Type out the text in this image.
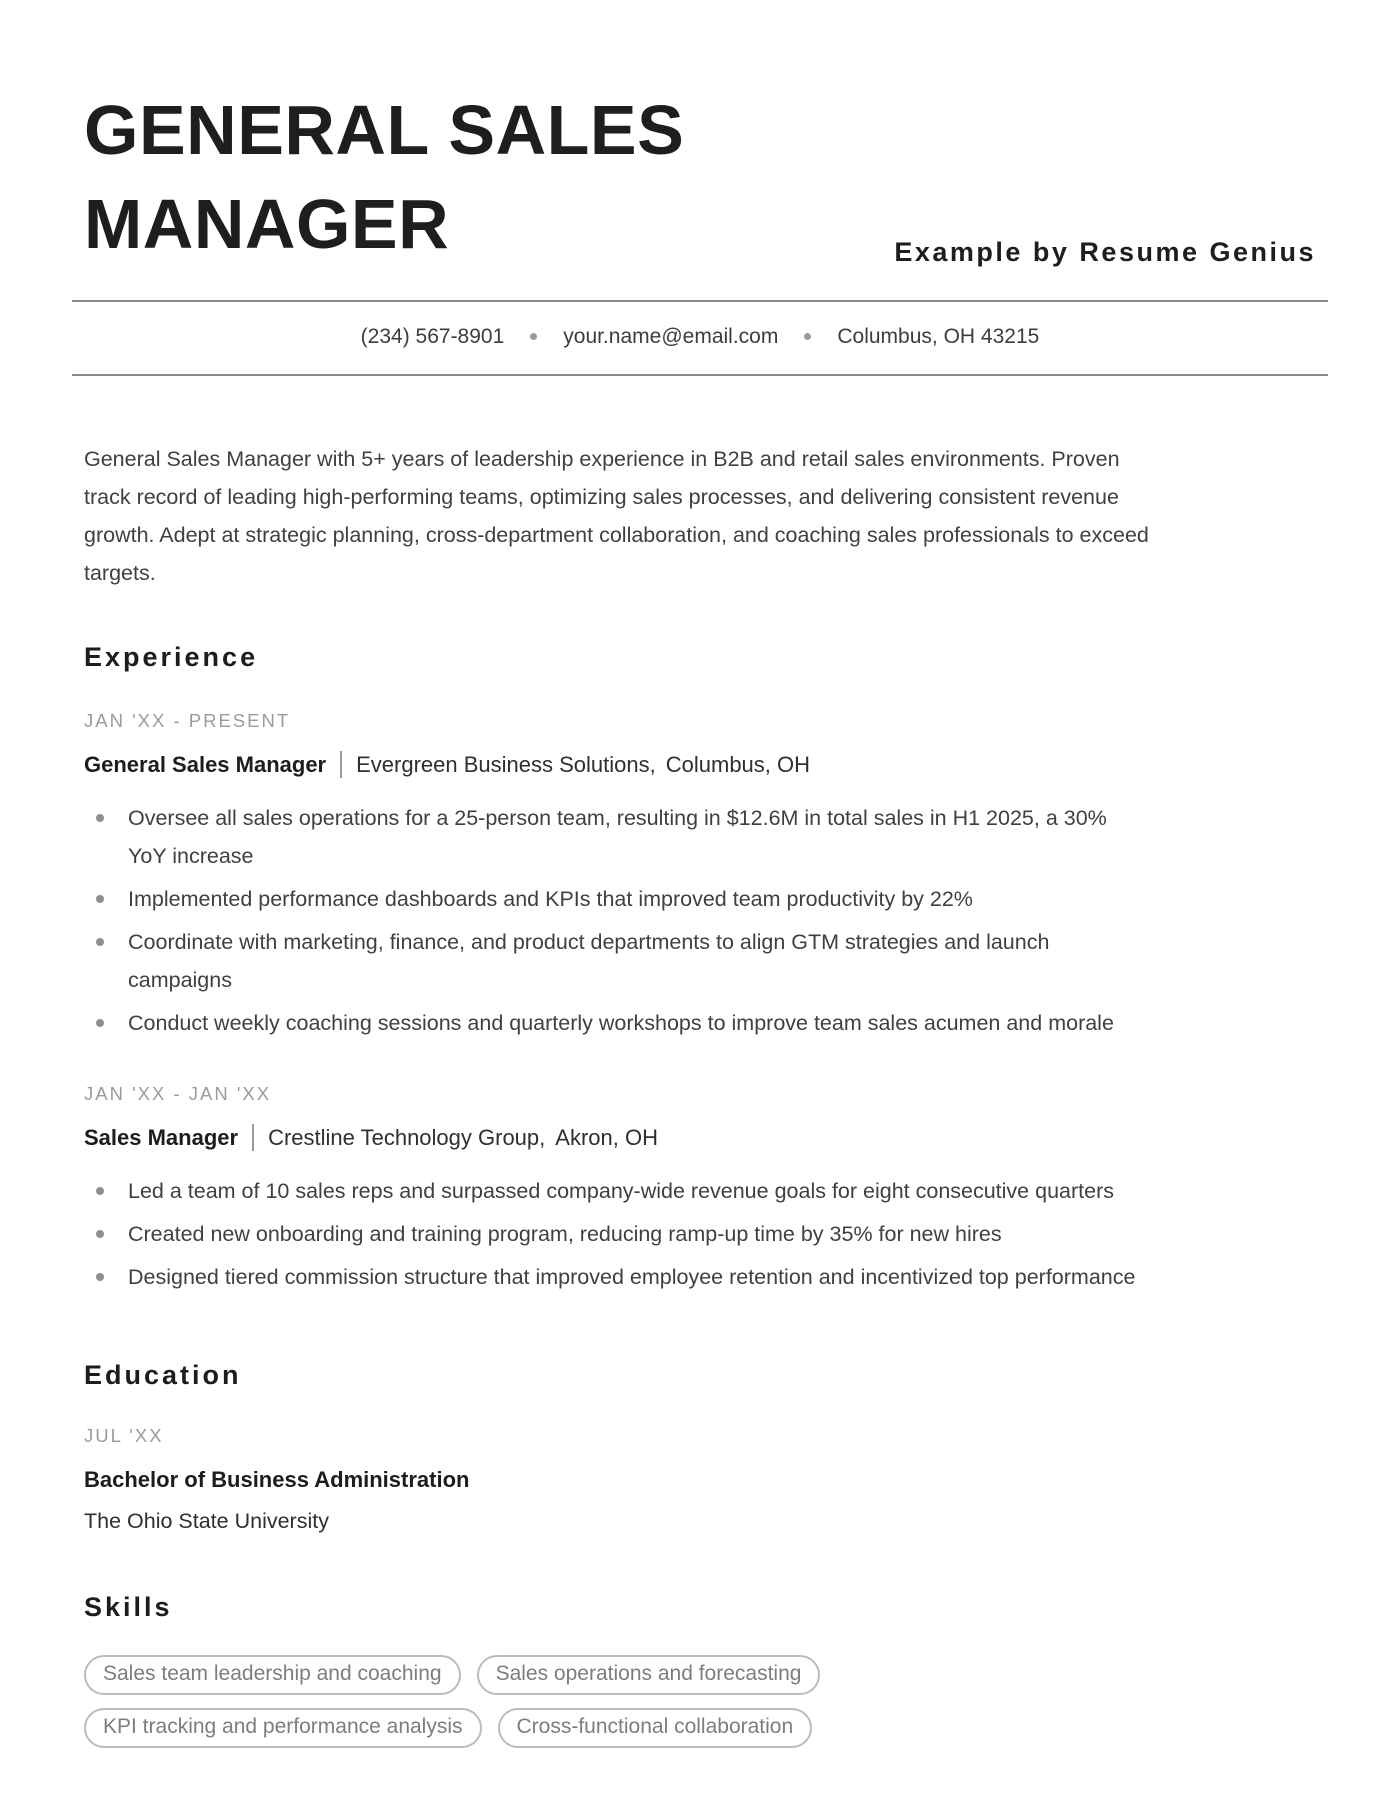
GENERAL SALES MANAGER	Example by Resume Genius
(234) 567-8901	your.name@email.com	Columbus, OH 43215

General Sales Manager with 5+ years of leadership experience in B2B and retail sales environments. Proven track record of leading high-performing teams, optimizing sales processes, and delivering consistent revenue growth. Adept at strategic planning, cross-department collaboration, and coaching sales professionals to exceed targets.

Experience
JAN 'XX - PRESENT
General Sales Manager Evergreen Business Solutions, Columbus, OH
Oversee all sales operations for a 25-person team, resulting in $12.6M in total sales in H1 2025, a 30% YoY increase
Implemented performance dashboards and KPIs that improved team productivity by 22%
Coordinate with marketing, finance, and product departments to align GTM strategies and launch campaigns
Conduct weekly coaching sessions and quarterly workshops to improve team sales acumen and morale
JAN 'XX - JAN 'XX
Sales Manager Crestline Technology Group, Akron, OH
Led a team of 10 sales reps and surpassed company-wide revenue goals for eight consecutive quarters
Created new onboarding and training program, reducing ramp-up time by 35% for new hires
Designed tiered commission structure that improved employee retention and incentivized top performance
Education
JUL 'XX
Bachelor of Business Administration
The Ohio State University
Skills
Sales team leadership and coaching	Sales operations and forecasting
KPI tracking and performance analysis	Cross-functional collaboration
